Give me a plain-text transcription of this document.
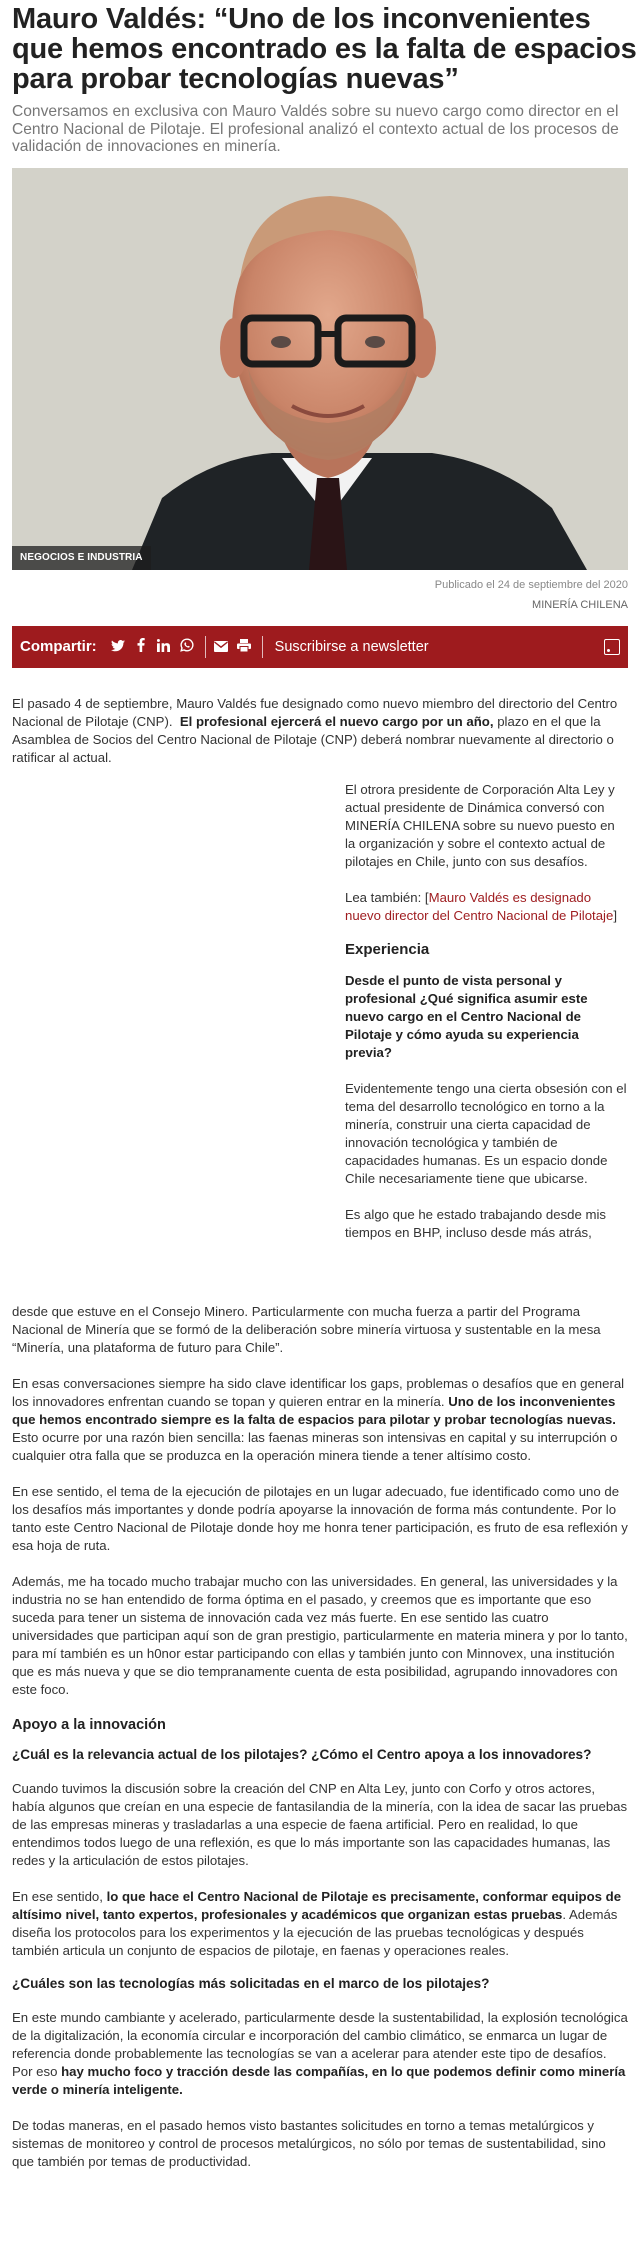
Mauro Valdés: “Uno de los inconvenientes que hemos encontrado es la falta de espacios para probar tecnologías nuevas”
Conversamos en exclusiva con Mauro Valdés sobre su nuevo cargo como director en el Centro Nacional de Pilotaje. El profesional analizó el contexto actual de los procesos de validación de innovaciones en minería.
NEGOCIOS E INDUSTRIA
Publicado el 24 de septiembre del 2020
MINERÍA CHILENA
Compartir:	Suscribirse a newsletter

El pasado 4 de septiembre, Mauro Valdés fue designado como nuevo miembro del directorio del Centro Nacional de Pilotaje (CNP). El profesional ejercerá el nuevo cargo por un año, plazo en el que la Asamblea de Socios del Centro Nacional de Pilotaje (CNP) deberá nombrar nuevamente al directorio o ratificar al actual.

El otrora presidente de Corporación Alta Ley y actual presidente de Dinámica conversó con MINERÍA CHILENA sobre su nuevo puesto en la organización y sobre el contexto actual de pilotajes en Chile, junto con sus desafíos.

Lea también: [Mauro Valdés es designado nuevo director del Centro Nacional de Pilotaje]

Experiencia

Desde el punto de vista personal y profesional ¿Qué significa asumir este nuevo cargo en el Centro Nacional de Pilotaje y cómo ayuda su experiencia previa?

Evidentemente tengo una cierta obsesión con el tema del desarrollo tecnológico en torno a la minería, construir una cierta capacidad de innovación tecnológica y también de capacidades humanas. Es un espacio donde Chile necesariamente tiene que ubicarse.

Es algo que he estado trabajando desde mis tiempos en BHP, incluso desde más atrás,

desde que estuve en el Consejo Minero. Particularmente con mucha fuerza a partir del Programa Nacional de Minería que se formó de la deliberación sobre minería virtuosa y sustentable en la mesa “Minería, una plataforma de futuro para Chile”.

En esas conversaciones siempre ha sido clave identificar los gaps, problemas o desafíos que en general los innovadores enfrentan cuando se topan y quieren entrar en la minería. Uno de los inconvenientes que hemos encontrado siempre es la falta de espacios para pilotar y probar tecnologías nuevas. Esto ocurre por una razón bien sencilla: las faenas mineras son intensivas en capital y su interrupción o cualquier otra falla que se produzca en la operación minera tiende a tener altísimo costo.

En ese sentido, el tema de la ejecución de pilotajes en un lugar adecuado, fue identificado como uno de los desafíos más importantes y donde podría apoyarse la innovación de forma más contundente. Por lo tanto este Centro Nacional de Pilotaje donde hoy me honra tener participación, es fruto de esa reflexión y esa hoja de ruta.

Además, me ha tocado mucho trabajar mucho con las universidades. En general, las universidades y la industria no se han entendido de forma óptima en el pasado, y creemos que es importante que eso suceda para tener un sistema de innovación cada vez más fuerte. En ese sentido las cuatro universidades que participan aquí son de gran prestigio, particularmente en materia minera y por lo tanto, para mí también es un h0nor estar participando con ellas y también junto con Minnovex, una institución que es más nueva y que se dio tempranamente cuenta de esta posibilidad, agrupando innovadores con este foco.

Apoyo a la innovación
¿Cuál es la relevancia actual de los pilotajes? ¿Cómo el Centro apoya a los innovadores?

Cuando tuvimos la discusión sobre la creación del CNP en Alta Ley, junto con Corfo y otros actores, había algunos que creían en una especie de fantasilandia de la minería, con la idea de sacar las pruebas de las empresas mineras y trasladarlas a una especie de faena artificial. Pero en realidad, lo que entendimos todos luego de una reflexión, es que lo más importante son las capacidades humanas, las redes y la articulación de estos pilotajes.

En ese sentido, lo que hace el Centro Nacional de Pilotaje es precisamente, conformar equipos de altísimo nivel, tanto expertos, profesionales y académicos que organizan estas pruebas. Además diseña los protocolos para los experimentos y la ejecución de las pruebas tecnológicas y después también articula un conjunto de espacios de pilotaje, en faenas y operaciones reales.

¿Cuáles son las tecnologías más solicitadas en el marco de los pilotajes?

En este mundo cambiante y acelerado, particularmente desde la sustentabilidad, la explosión tecnológica de la digitalización, la economía circular e incorporación del cambio climático, se enmarca un lugar de referencia donde probablemente las tecnologías se van a acelerar para atender este tipo de desafíos. Por eso hay mucho foco y tracción desde las compañías, en lo que podemos definir como minería verde o minería inteligente.

De todas maneras, en el pasado hemos visto bastantes solicitudes en torno a temas metalúrgicos y sistemas de monitoreo y control de procesos metalúrgicos, no sólo por temas de sustentabilidad, sino que también por temas de productividad.
